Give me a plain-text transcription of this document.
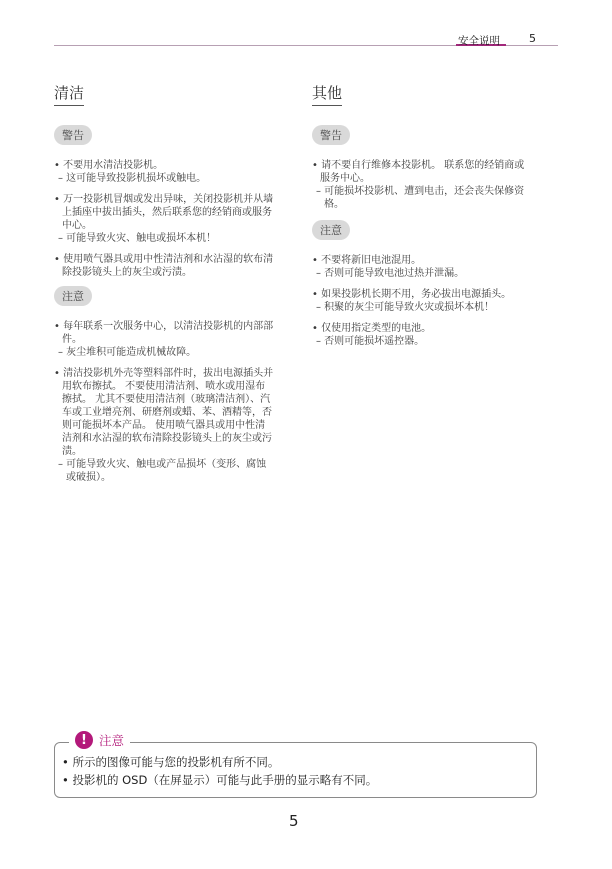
安全说明	5
清洁
警告
• 不要用水清洁投影机。
– 这可能导致投影机损坏或触电。
• 万一投影机冒烟或发出异味，关闭投影机并从墙上插座中拔出插头，然后联系您的经销商或服务中心。
– 可能导致火灾、触电或损坏本机！
• 使用喷气器具或用中性清洁剂和水沾湿的软布清除投影镜头上的灰尘或污渍。
注意
• 每年联系一次服务中心，以清洁投影机的内部部件。
– 灰尘堆积可能造成机械故障。
• 清洁投影机外壳等塑料部件时，拔出电源插头并用软布擦拭。 不要使用清洁剂、喷水或用湿布擦拭。 尤其不要使用清洁剂（玻璃清洁剂）、汽车或工业增亮剂、研磨剂或蜡、苯、酒精等，否则可能损坏本产品。 使用喷气器具或用中性清洁剂和水沾湿的软布清除投影镜头上的灰尘或污渍。
– 可能导致火灾、触电或产品损坏（变形、腐蚀或破损）。
其他
警告
• 请不要自行维修本投影机。 联系您的经销商或服务中心。
– 可能损坏投影机、遭到电击，还会丧失保修资格。
注意
• 不要将新旧电池混用。
– 否则可能导致电池过热并泄漏。
• 如果投影机长期不用，务必拔出电源插头。
– 积聚的灰尘可能导致火灾或损坏本机！
• 仅使用指定类型的电池。
– 否则可能损坏遥控器。
! 注意
• 所示的图像可能与您的投影机有所不同。
• 投影机的 OSD（在屏显示）可能与此手册的显示略有不同。
5
